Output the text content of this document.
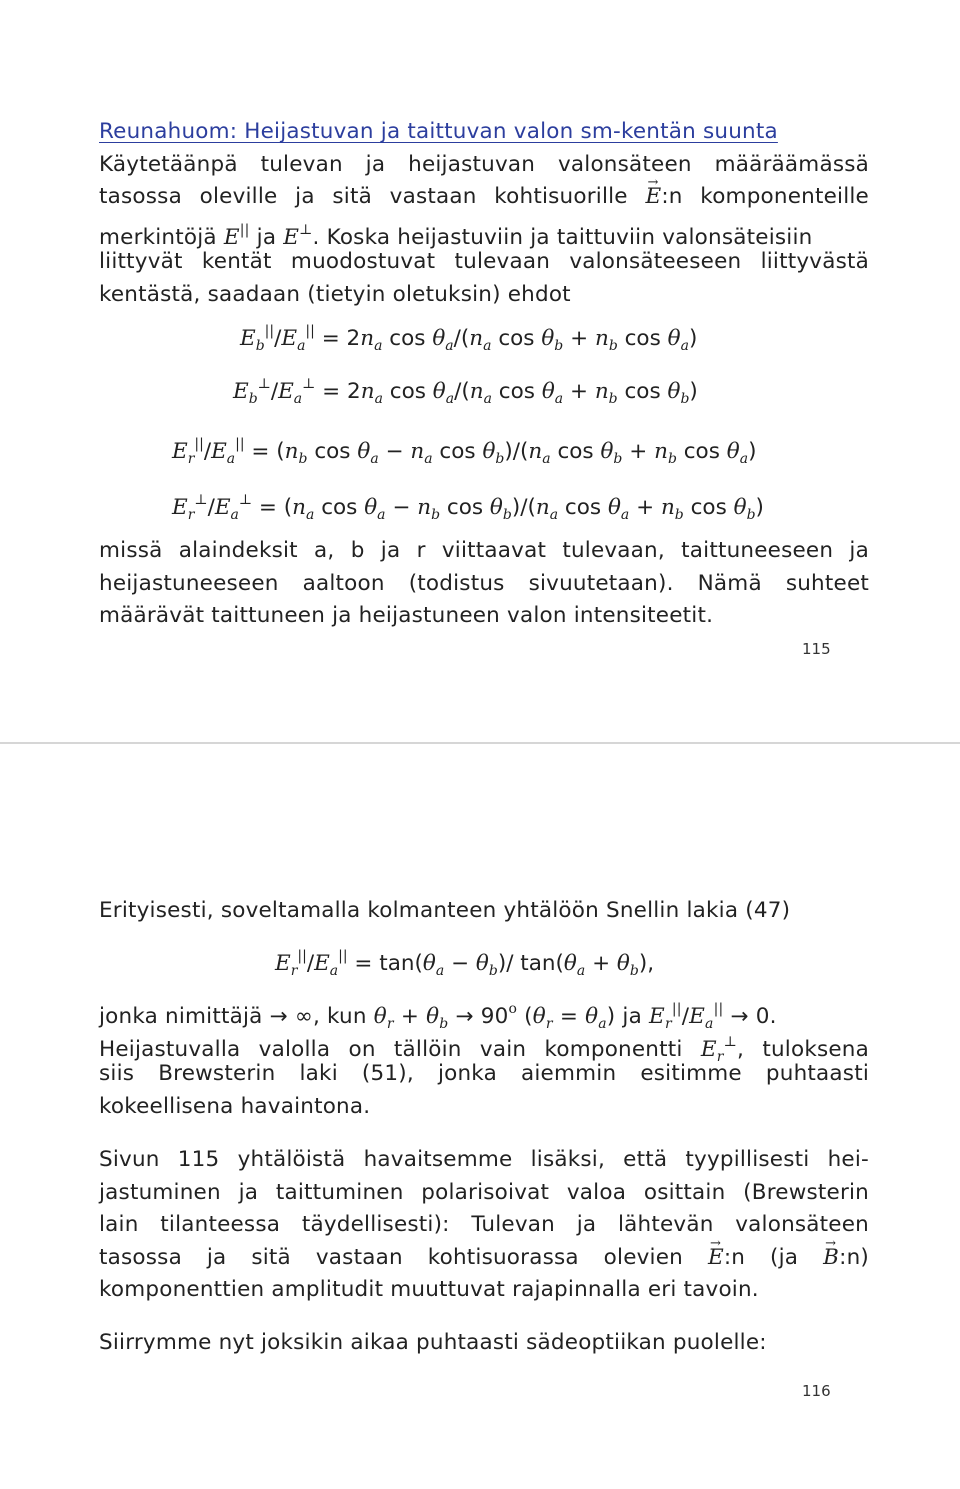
Reunahuom: Heijastuvan ja taittuvan valon sm-kentän suunta
Käytetäänpä tulevan ja heijastuvan valonsäteen määräämässä
tasossa oleville ja sitä vastaan kohtisuorille → E:n komponenteille
merkintöjä E|| ja E⊥. Koska heijastuviin ja taittuviin valonsäteisiin
liittyvät kentät muodostuvat tulevaan valonsäteeseen liittyvästä
kentästä, saadaan (tietyin oletuksin) ehdot
$E_b^{||}/E_a^{||} = 2n_a$ $\cos \theta_a/(n_a$ $\cos \theta_b + n_b$ $\cos \theta_a$)
$E_b^\perp/E_a^\perp = 2n_a$ $\cos \theta_a/(n_a$ $\cos \theta_a + n_b$ $\cos \theta_b$)
$E_r^{||}/E_a^{||} = (n_b$ $\cos \theta_a - n_a$ $\cos \theta_b)/(n_a$ $\cos \theta_b + n_b$ $\cos \theta_a$)
$E_r^\perp/E_a^\perp = (n_a$ $\cos \theta_a - n_b$ $\cos \theta_b)/(n_a$ $\cos \theta_a + n_b$ $\cos \theta_b$)
missä alaindeksit a, b ja r viittaavat tulevaan, taittuneeseen ja
heijastuneeseen aaltoon (todistus sivuutetaan). Nämä suhteet
määrävät taittuneen ja heijastuneen valon intensiteetit.
115
Erityisesti, soveltamalla kolmanteen yhtälöön Snellin lakia (47)
$E_r^{||}/E_a^{||} = \tan(\theta_a - \theta_b)/$ $\tan(\theta_a + \theta_b)$,
jonka nimittäjä → ∞, kun $\theta_r + \theta_b \to 90^o$ $(\theta_r = \theta_a)$ ja $E_r^{||}/E_a^{||} \to 0$.
Heijastuvalla valolla on tällöin vain komponentti $E_r^\perp$, tuloksena
siis Brewsterin laki (51), jonka aiemmin esitimme puhtaasti
kokeellisena havaintona.
Sivun 115 yhtälöistä havaitsemme lisäksi, että tyypillisesti hei-
jastuminen ja taittuminen polarisoivat valoa osittain (Brewsterin
lain tilanteessa täydellisesti): Tulevan ja lähtevän valonsäteen
tasossa ja sitä vastaan kohtisuorassa olevien → E:n (ja → B:n)
komponenttien amplitudit muuttuvat rajapinnalla eri tavoin.
Siirrymme nyt joksikin aikaa puhtaasti sädeoptiikan puolelle:
116
